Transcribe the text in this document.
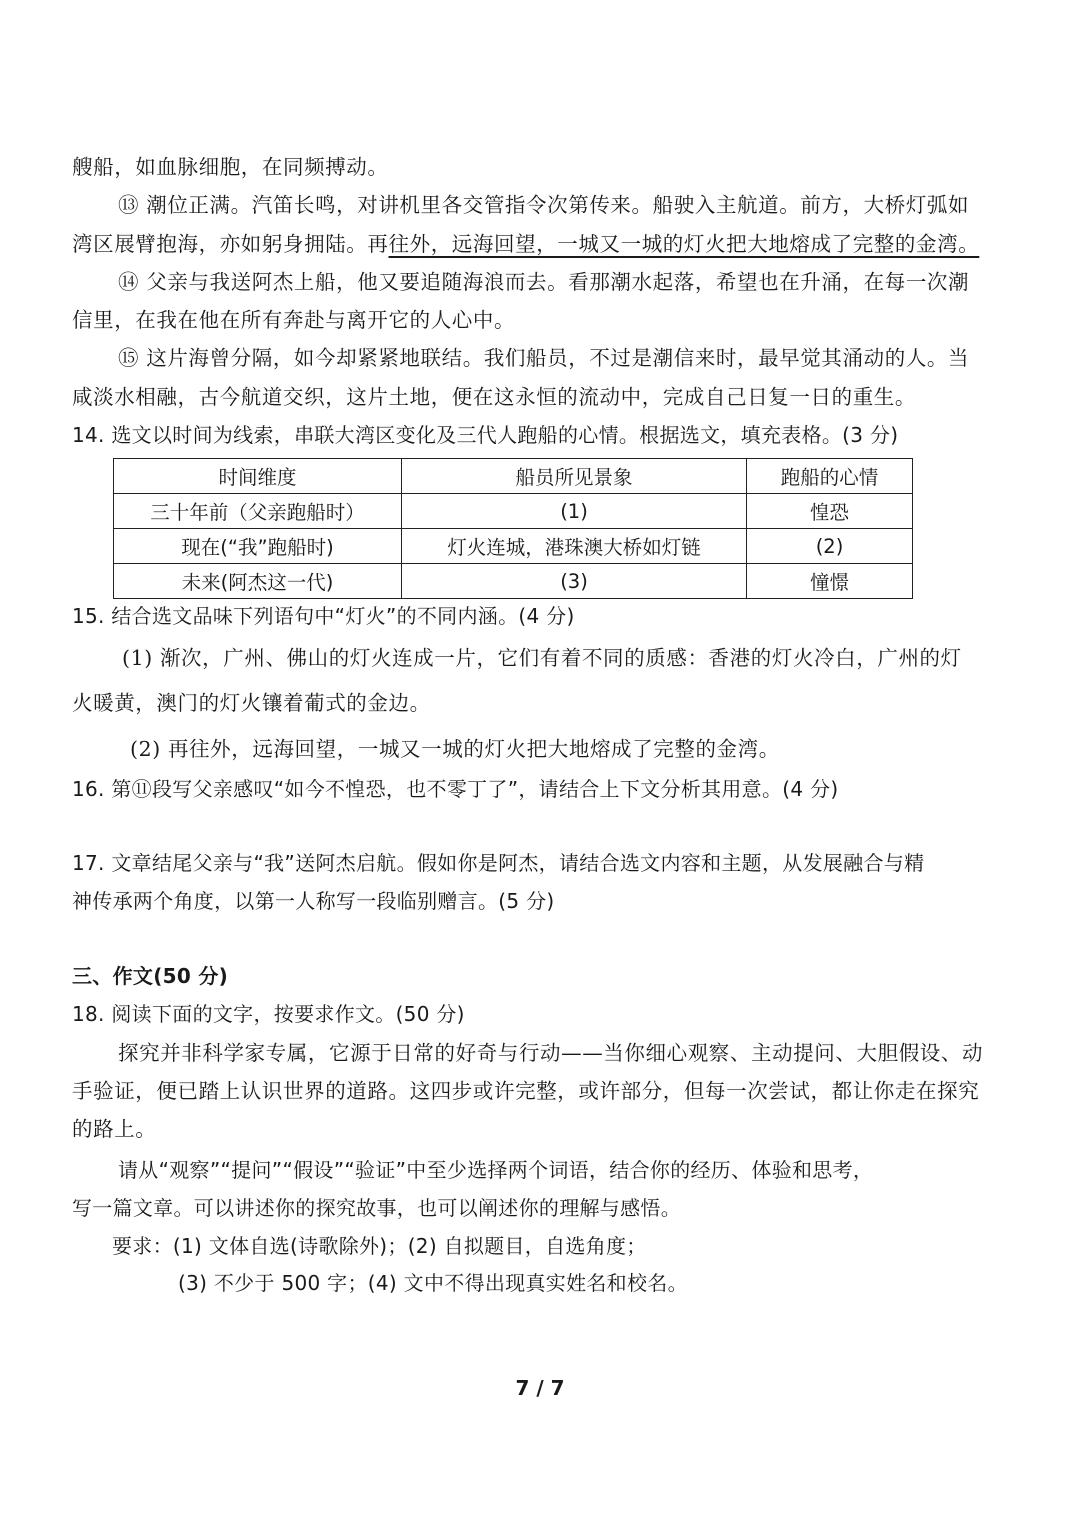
艘船，如血脉细胞，在同频搏动。
⑬ 潮位正满。汽笛长鸣，对讲机里各交管指令次第传来。船驶入主航道。前方，大桥灯弧如
湾区展臂抱海，亦如躬身拥陆。再往外，远海回望，一城又一城的灯火把大地熔成了完整的金湾。
⑭ 父亲与我送阿杰上船，他又要追随海浪而去。看那潮水起落，希望也在升涌，在每一次潮
信里，在我在他在所有奔赴与离开它的人心中。
⑮ 这片海曾分隔，如今却紧紧地联结。我们船员，不过是潮信来时，最早觉其涌动的人。当
咸淡水相融，古今航道交织，这片土地，便在这永恒的流动中，完成自己日复一日的重生。
14. 选文以时间为线索，串联大湾区变化及三代人跑船的心情。根据选文，填充表格。(3 分)
时间维度	船员所见景象	跑船的心情
三十年前（父亲跑船时）	(1)	惶恐
现在(“我”跑船时)	灯火连城，港珠澳大桥如灯链	(2)
未来(阿杰这一代)	(3)	憧憬
15. 结合选文品味下列语句中“灯火”的不同内涵。(4 分)
(1) 渐次，广州、佛山的灯火连成一片，它们有着不同的质感：香港的灯火冷白，广州的灯
火暖黄，澳门的灯火镶着葡式的金边。
(2) 再往外，远海回望，一城又一城的灯火把大地熔成了完整的金湾。
16. 第⑪段写父亲感叹“如今不惶恐，也不零丁了”，请结合上下文分析其用意。(4 分)
17. 文章结尾父亲与“我”送阿杰启航。假如你是阿杰，请结合选文内容和主题，从发展融合与精
神传承两个角度，以第一人称写一段临别赠言。(5 分)
三、作文(50 分)
18. 阅读下面的文字，按要求作文。(50 分)
探究并非科学家专属，它源于日常的好奇与行动——当你细心观察、主动提问、大胆假设、动
手验证，便已踏上认识世界的道路。这四步或许完整，或许部分，但每一次尝试，都让你走在探究
的路上。
请从“观察”“提问”“假设”“验证”中至少选择两个词语，结合你的经历、体验和思考，
写一篇文章。可以讲述你的探究故事，也可以阐述你的理解与感悟。
要求：(1) 文体自选(诗歌除外)；(2) 自拟题目，自选角度；
(3) 不少于 500 字；(4) 文中不得出现真实姓名和校名。
7 / 7
